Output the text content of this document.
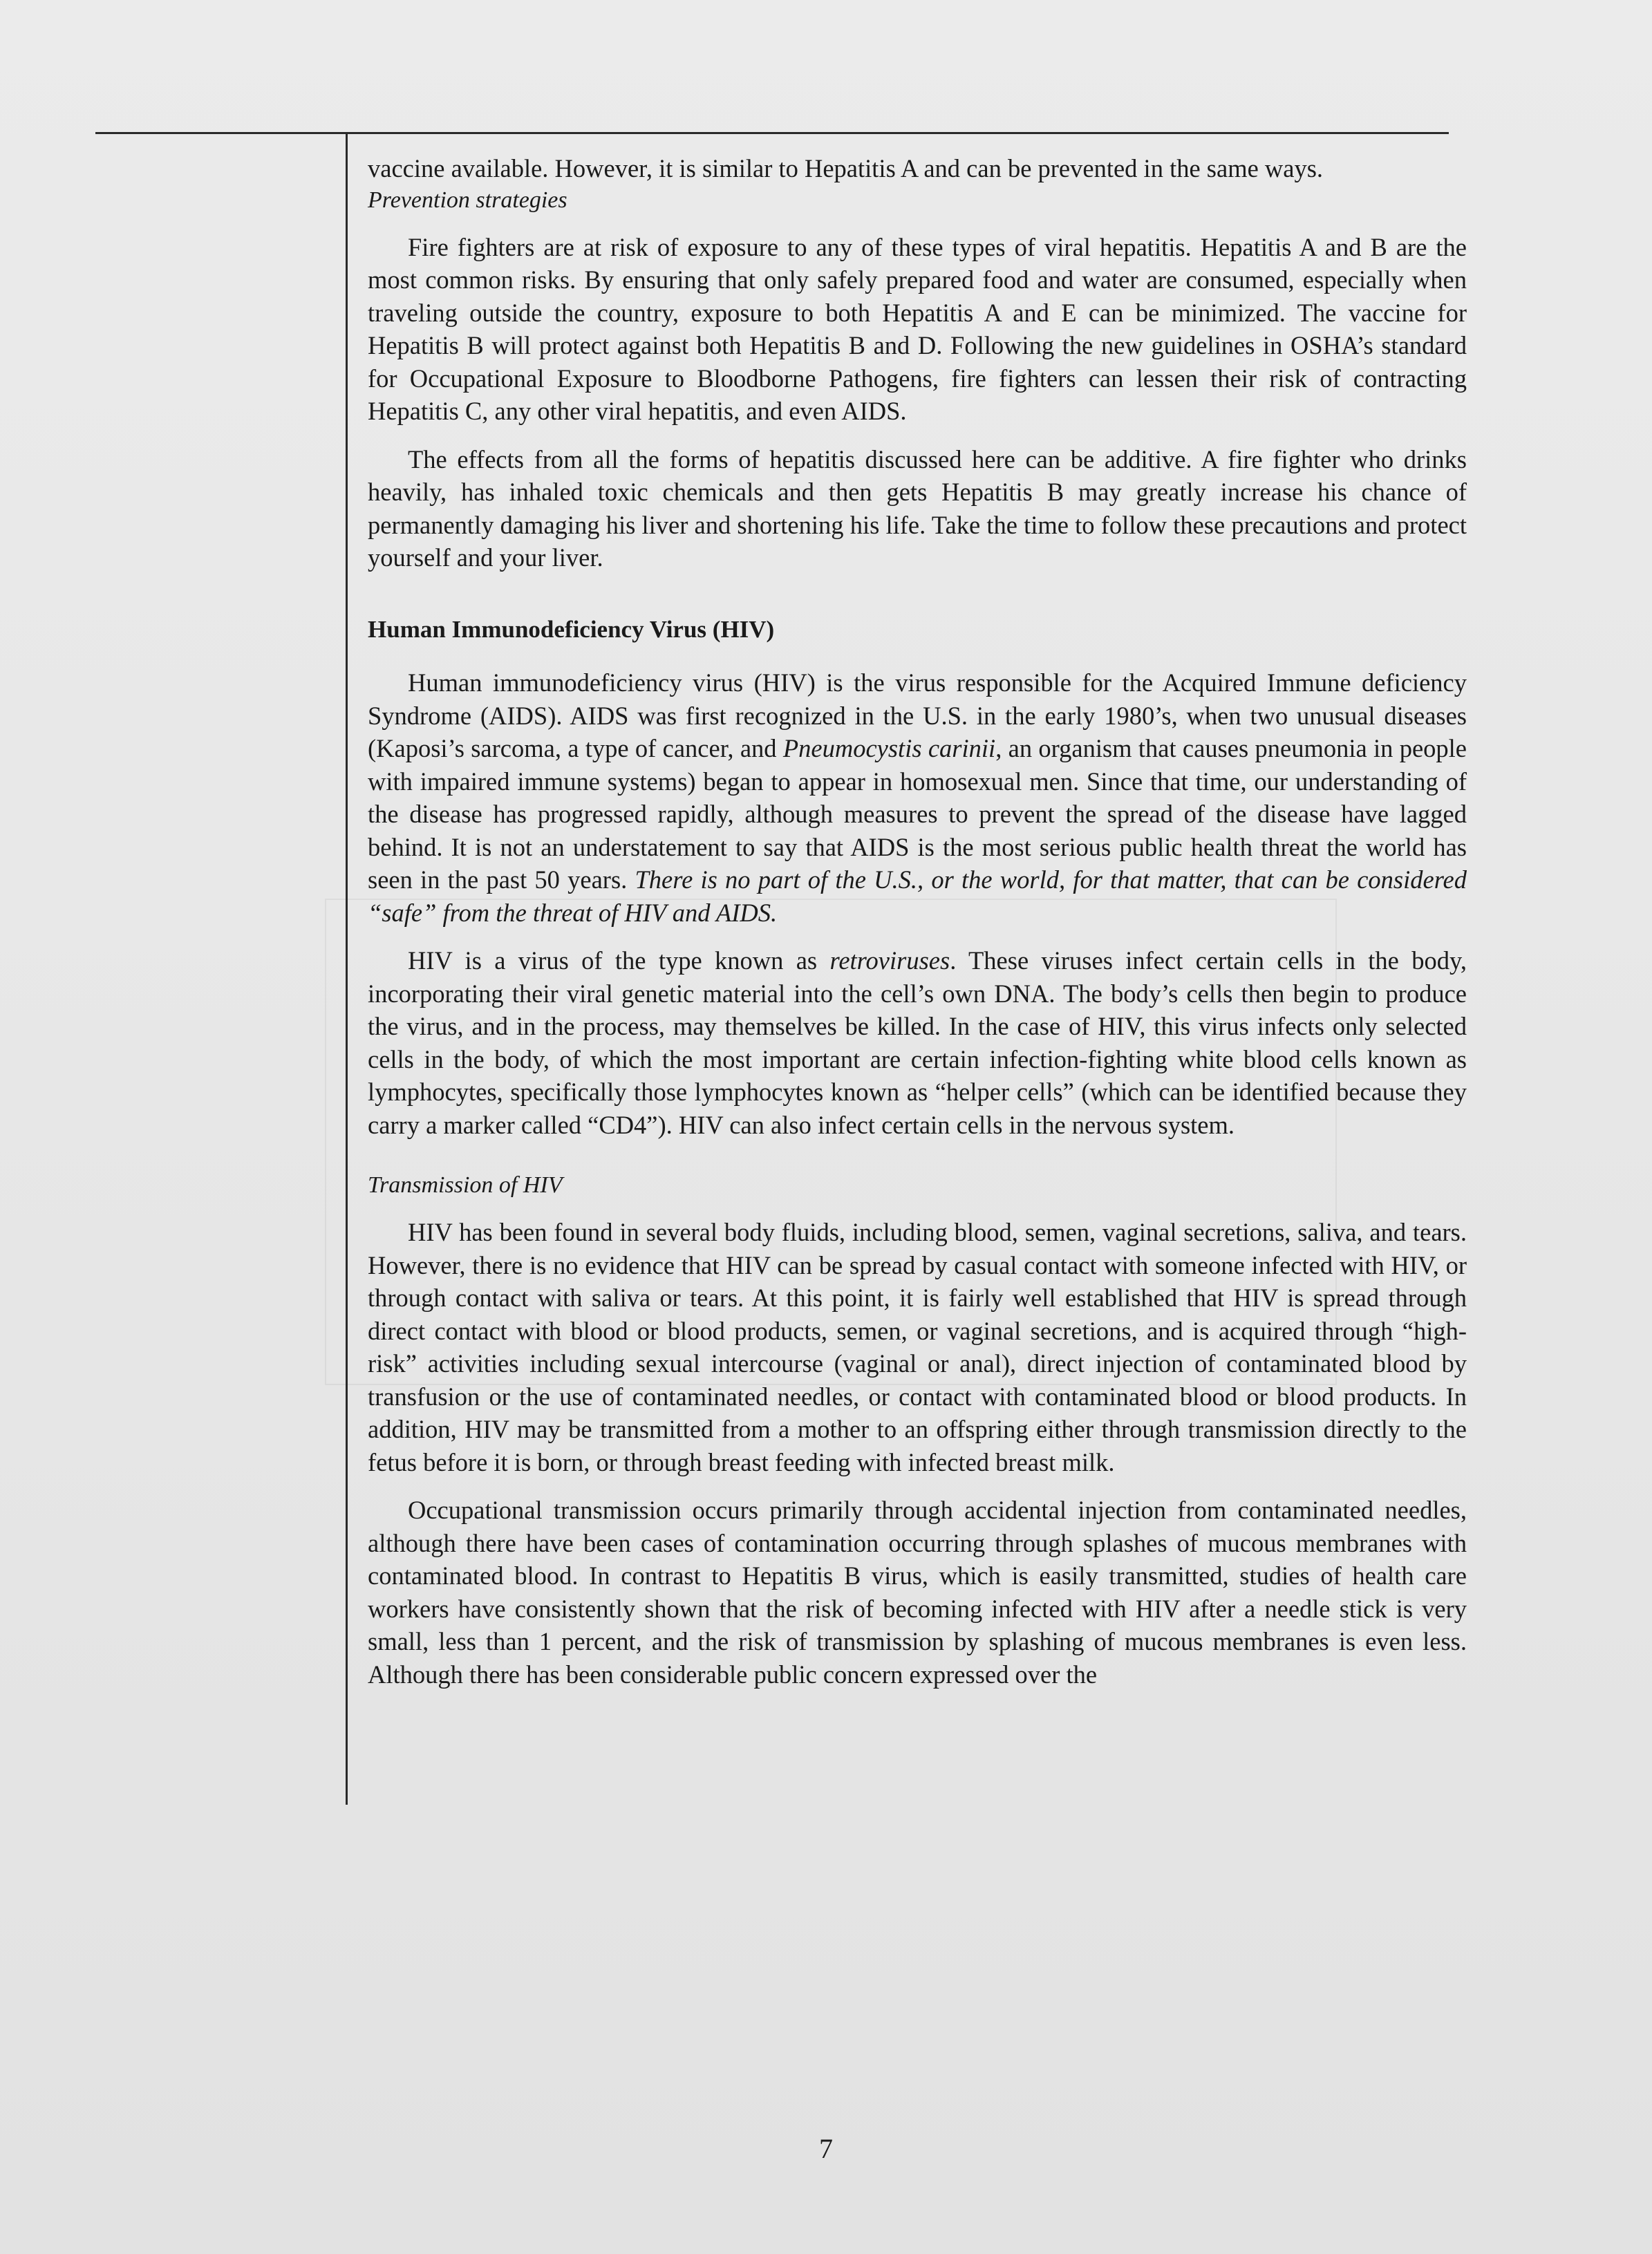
vaccine available. However, it is similar to Hepatitis A and can be prevented in the same ways.

Prevention strategies

Fire fighters are at risk of exposure to any of these types of viral hepatitis. Hepatitis A and B are the most common risks. By ensuring that only safely prepared food and water are consumed, especially when traveling outside the country, exposure to both Hepatitis A and E can be minimized. The vaccine for Hepatitis B will protect against both Hepatitis B and D. Following the new guidelines in OSHA’s standard for Occupational Exposure to Bloodborne Pathogens, fire fighters can lessen their risk of contracting Hepatitis C, any other viral hepatitis, and even AIDS.

The effects from all the forms of hepatitis discussed here can be additive. A fire fighter who drinks heavily, has inhaled toxic chemicals and then gets Hepatitis B may greatly increase his chance of permanently damaging his liver and shortening his life. Take the time to follow these precautions and protect yourself and your liver.

Human Immunodeficiency Virus (HIV)

Human immunodeficiency virus (HIV) is the virus responsible for the Acquired Immune deficiency Syndrome (AIDS). AIDS was first recognized in the U.S. in the early 1980’s, when two unusual diseases (Kaposi’s sarcoma, a type of cancer, and Pneumocystis carinii, an organism that causes pneumonia in people with impaired immune systems) began to appear in homosexual men. Since that time, our understanding of the disease has progressed rapidly, although measures to prevent the spread of the disease have lagged behind. It is not an understatement to say that AIDS is the most serious public health threat the world has seen in the past 50 years. There is no part of the U.S., or the world, for that matter, that can be considered “safe” from the threat of HIV and AIDS.

HIV is a virus of the type known as retroviruses. These viruses infect certain cells in the body, incorporating their viral genetic material into the cell’s own DNA. The body’s cells then begin to produce the virus, and in the process, may themselves be killed. In the case of HIV, this virus infects only selected cells in the body, of which the most important are certain infection-fighting white blood cells known as lymphocytes, specifically those lymphocytes known as “helper cells” (which can be identified because they carry a marker called “CD4”). HIV can also infect certain cells in the nervous system.

Transmission of HIV

HIV has been found in several body fluids, including blood, semen, vaginal secretions, saliva, and tears. However, there is no evidence that HIV can be spread by casual contact with someone infected with HIV, or through contact with saliva or tears. At this point, it is fairly well established that HIV is spread through direct contact with blood or blood products, semen, or vaginal secretions, and is acquired through “high-risk” activities including sexual intercourse (vaginal or anal), direct injection of contaminated blood by transfusion or the use of contaminated needles, or contact with contaminated blood or blood products. In addition, HIV may be transmitted from a mother to an offspring either through transmission directly to the fetus before it is born, or through breast feeding with infected breast milk.

Occupational transmission occurs primarily through accidental injection from contaminated needles, although there have been cases of contamination occurring through splashes of mucous membranes with contaminated blood. In contrast to Hepatitis B virus, which is easily transmitted, studies of health care workers have consistently shown that the risk of becoming infected with HIV after a needle stick is very small, less than 1 percent, and the risk of transmission by splashing of mucous membranes is even less. Although there has been considerable public concern expressed over the

7
